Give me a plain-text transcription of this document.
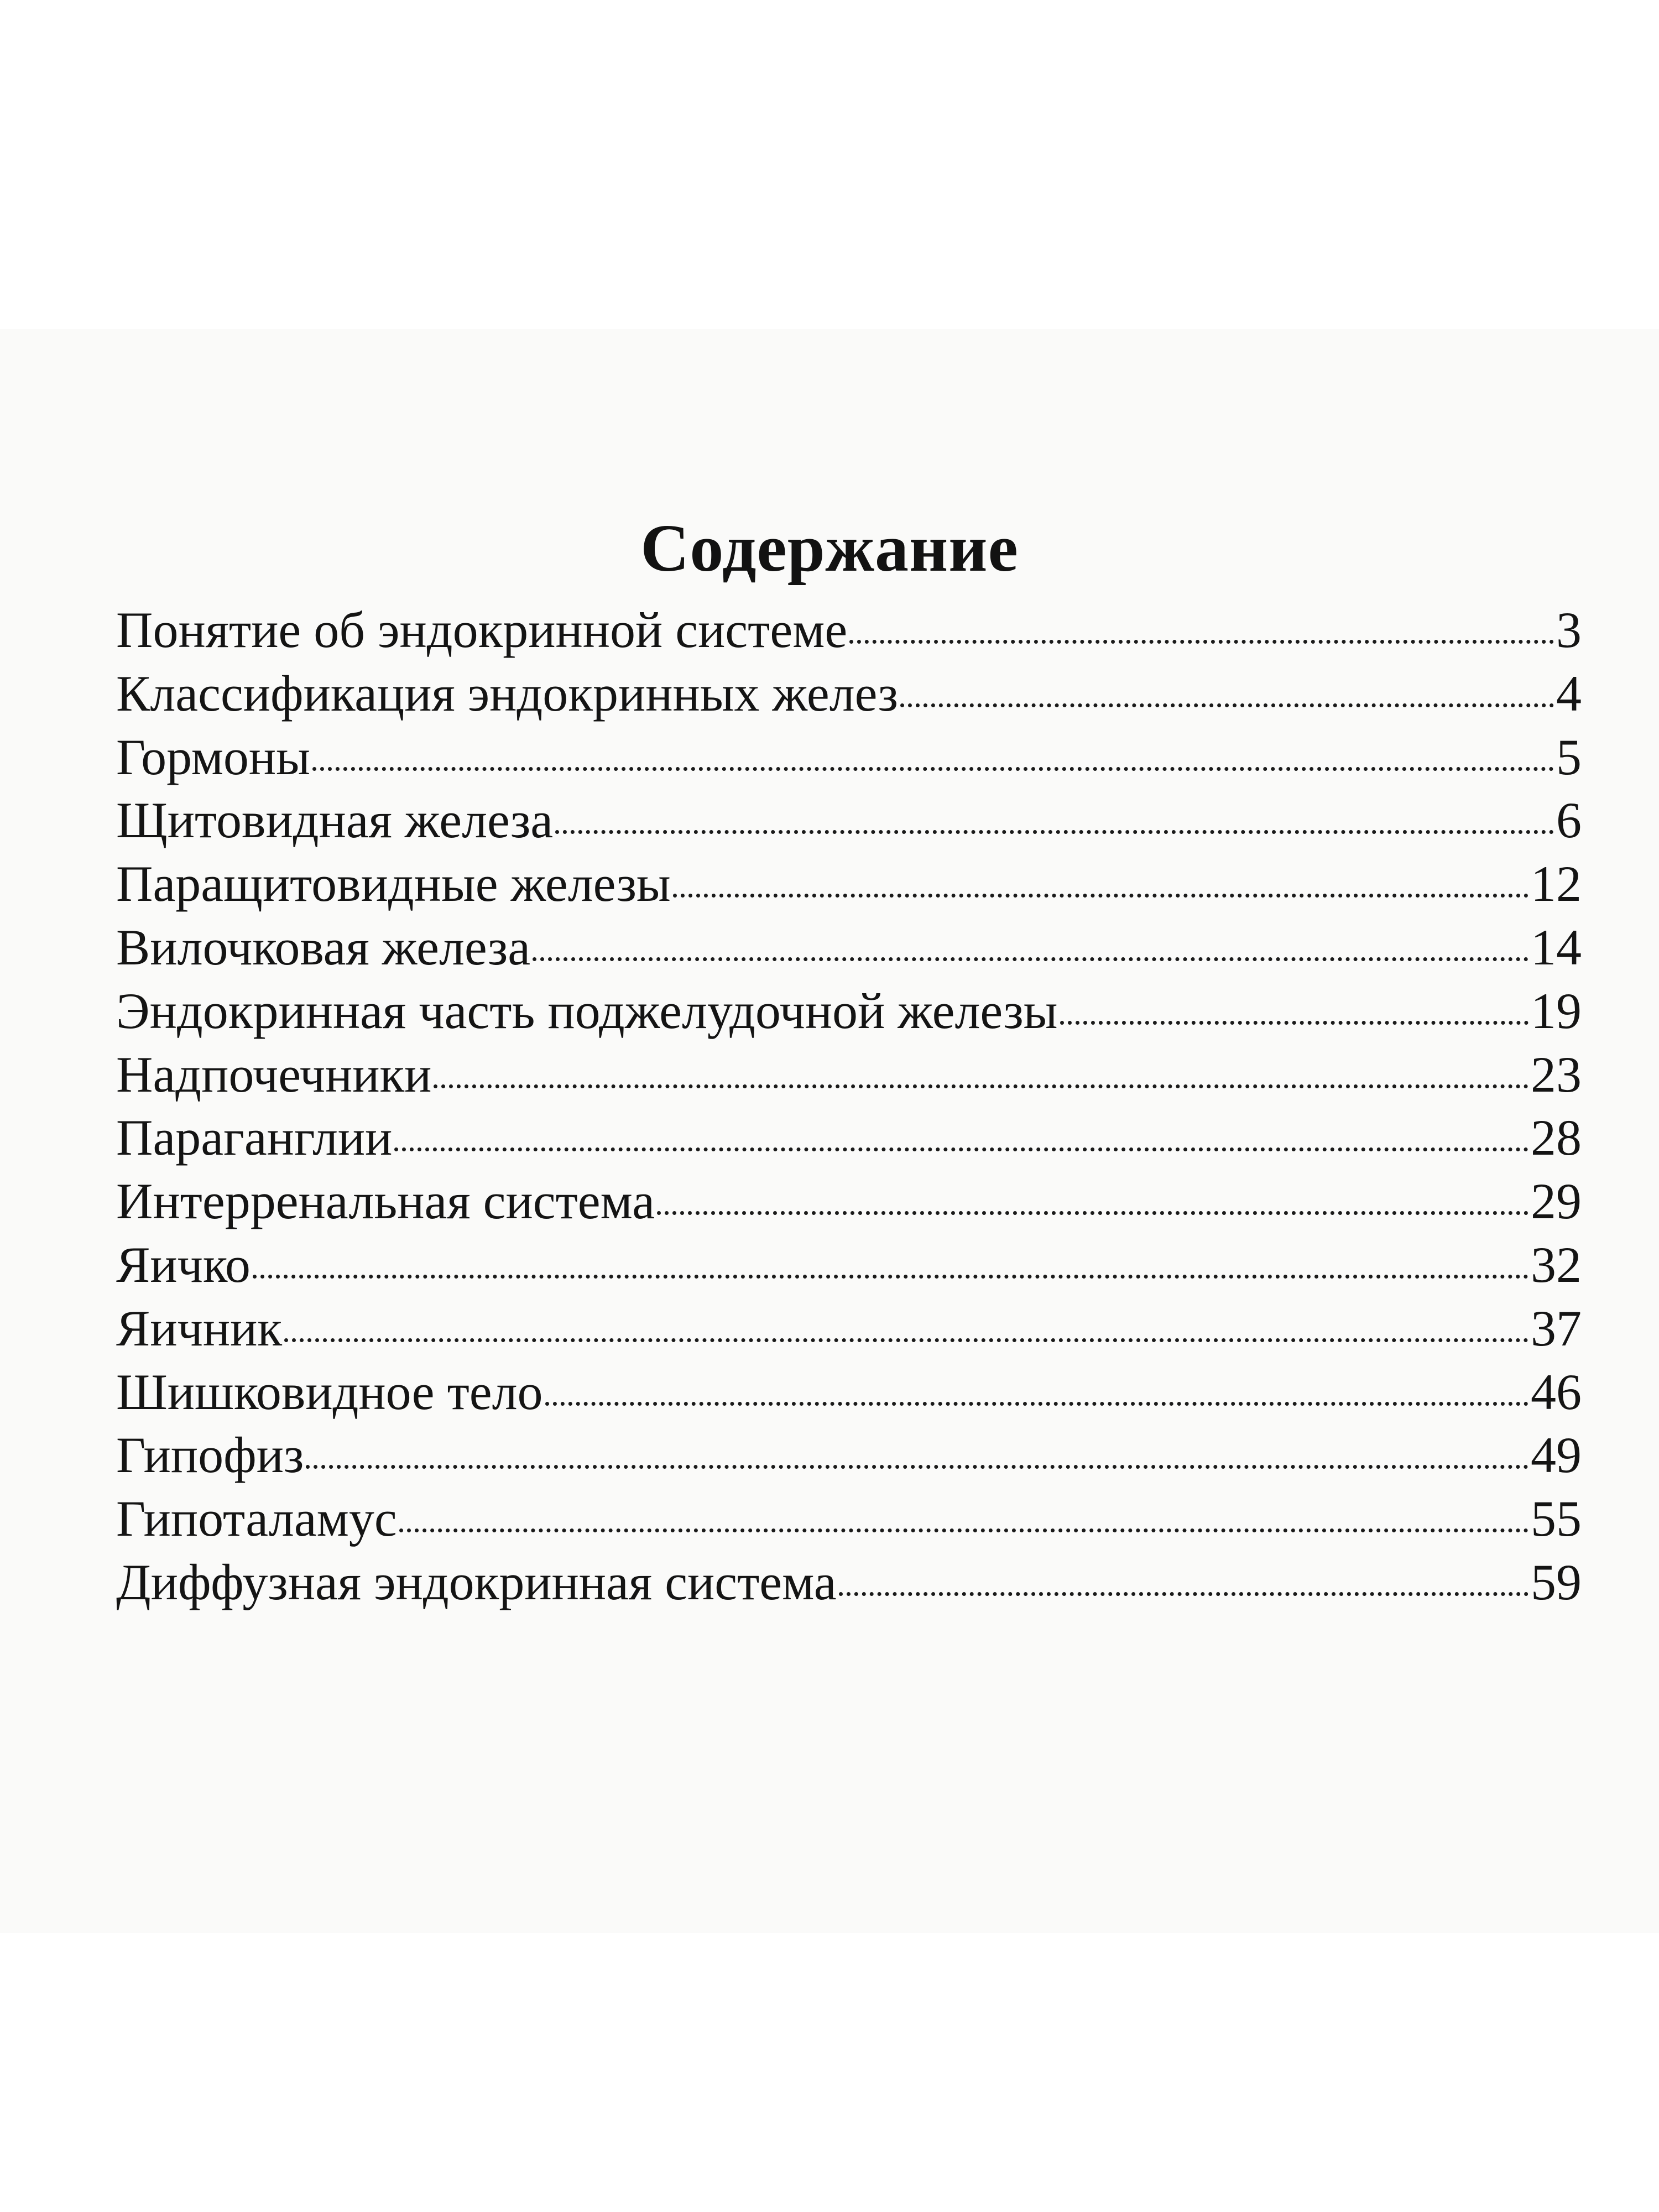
Содержание
Понятие об эндокринной системе	3
Классификация эндокринных желез	4
Гормоны	5
Щитовидная железа	6
Паращитовидные железы	12
Вилочковая железа	14
Эндокринная часть поджелудочной железы	19
Надпочечники	23
Параганглии	28
Интерренальная система	29
Яичко	32
Яичник	37
Шишковидное тело	46
Гипофиз	49
Гипоталамус	55
Диффузная эндокринная система	59
